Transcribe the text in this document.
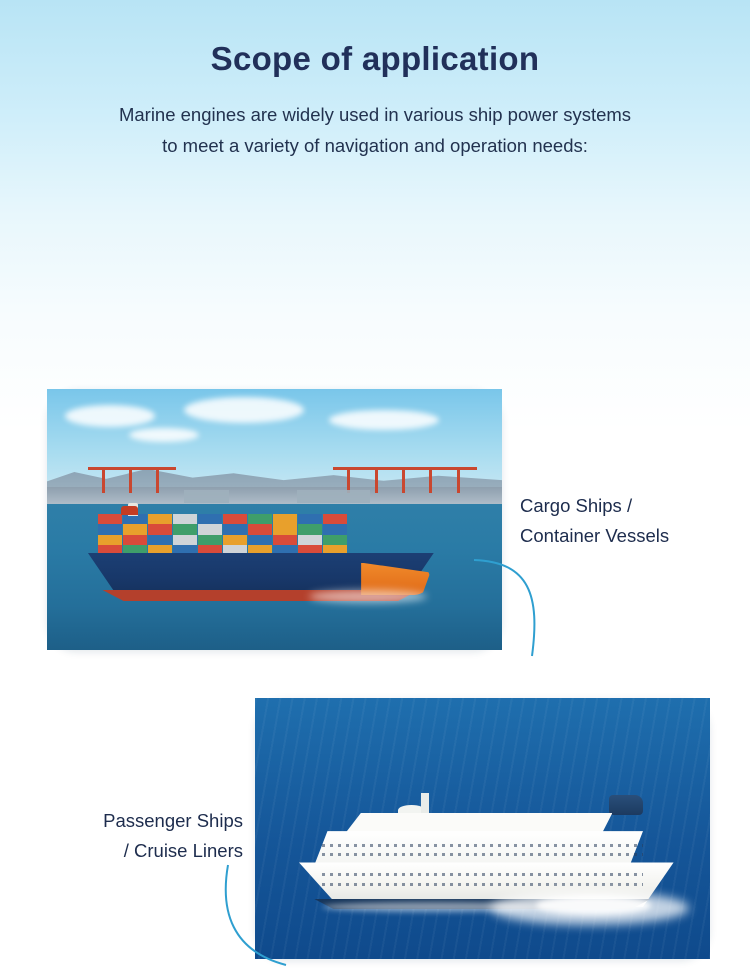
Scope of application
Marine engines are widely used in various ship power systems
to meet a variety of navigation and operation needs:
Cargo Ships /
Container Vessels
Passenger Ships
/ Cruise Liners
